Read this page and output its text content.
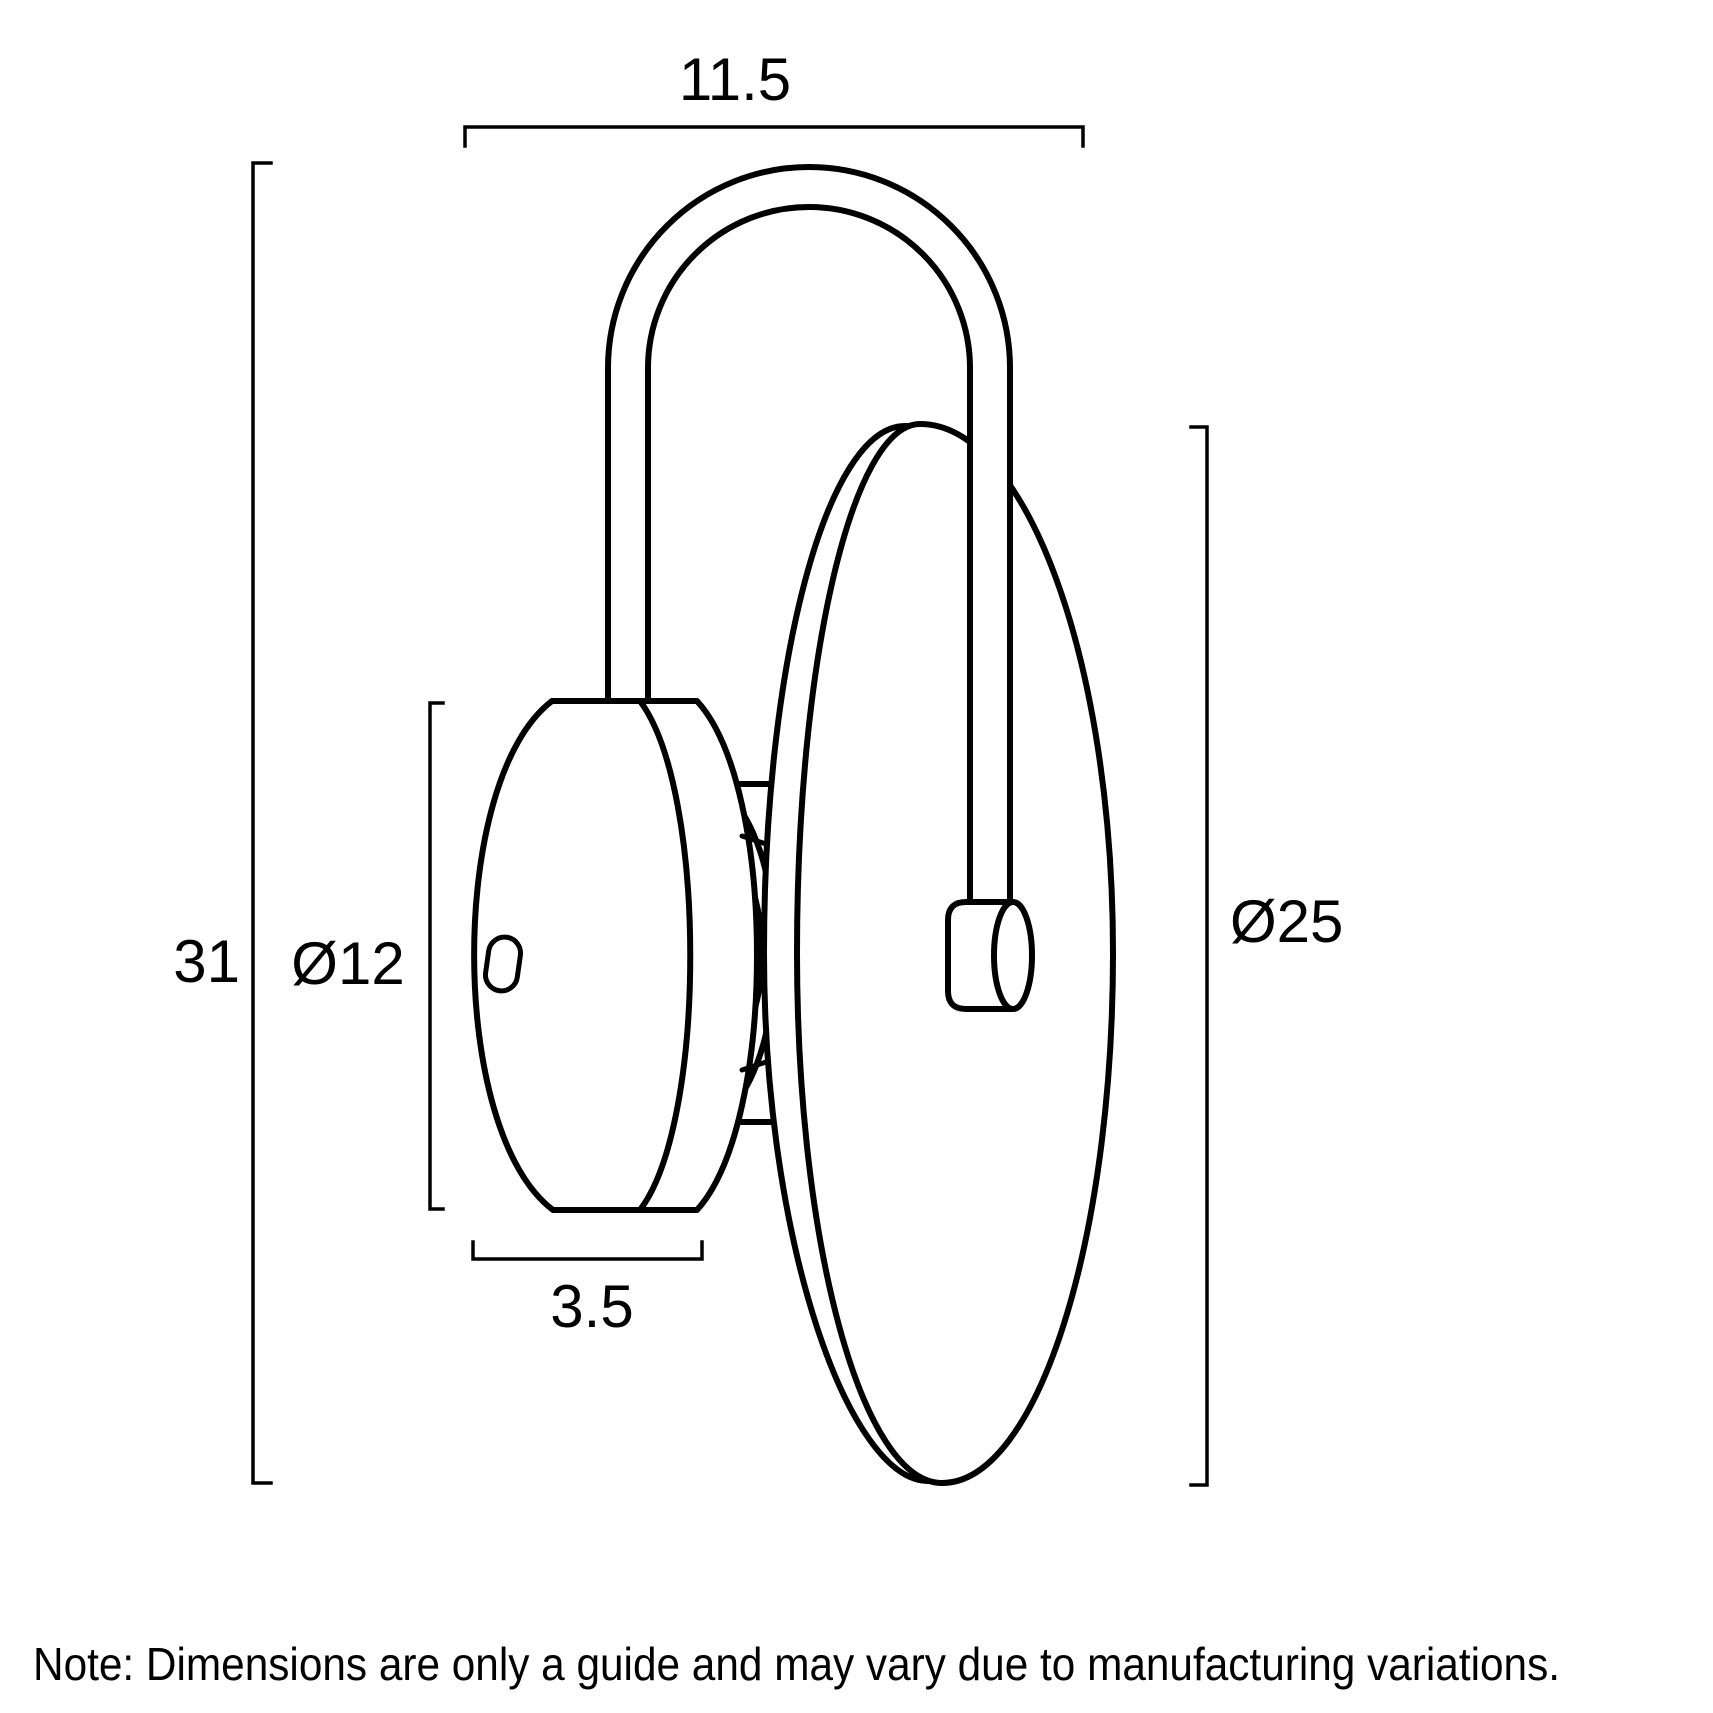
11.5
31 Ø12
Ø25
3.5
Note: Dimensions are only a guide and may vary due to manufacturing variations.
